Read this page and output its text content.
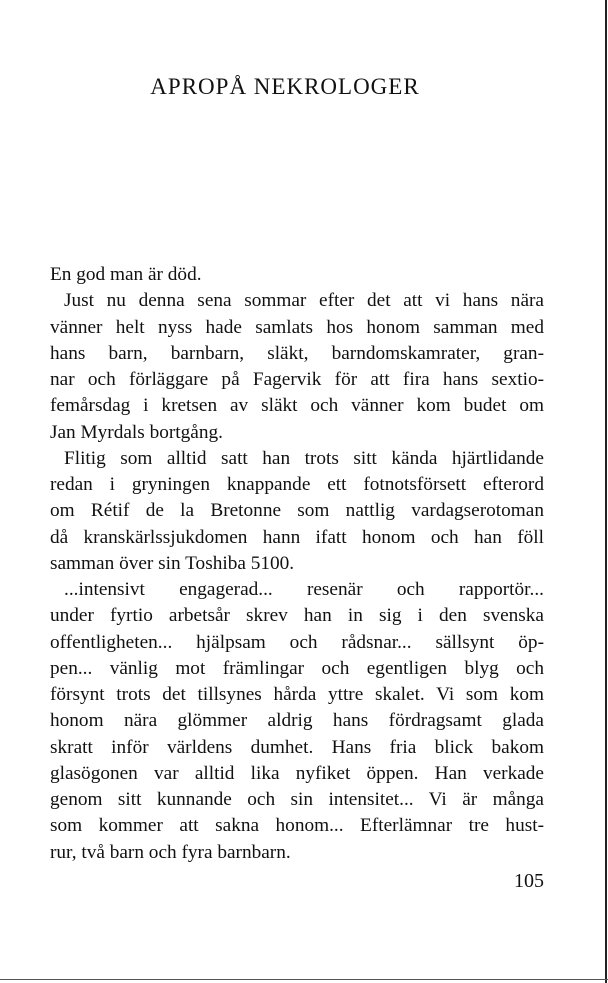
APROPÅ NEKROLOGER
En god man är död.
Just nu denna sena sommar efter det att vi hans nära
vänner helt nyss hade samlats hos honom samman med
hans barn, barnbarn, släkt, barndomskamrater, gran-
nar och förläggare på Fagervik för att fira hans sextio-
femårsdag i kretsen av släkt och vänner kom budet om
Jan Myrdals bortgång.
Flitig som alltid satt han trots sitt kända hjärtlidande
redan i gryningen knappande ett fotnotsförsett efterord
om Rétif de la Bretonne som nattlig vardagserotoman
då kranskärlssjukdomen hann ifatt honom och han föll
samman över sin Toshiba 5100.
...intensivt engagerad... resenär och rapportör...
under fyrtio arbetsår skrev han in sig i den svenska
offentligheten... hjälpsam och rådsnar... sällsynt öp-
pen... vänlig mot främlingar och egentligen blyg och
försynt trots det tillsynes hårda yttre skalet. Vi som kom
honom nära glömmer aldrig hans fördragsamt glada
skratt inför världens dumhet. Hans fria blick bakom
glasögonen var alltid lika nyfiket öppen. Han verkade
genom sitt kunnande och sin intensitet... Vi är många
som kommer att sakna honom... Efterlämnar tre hust-
rur, två barn och fyra barnbarn.
105
